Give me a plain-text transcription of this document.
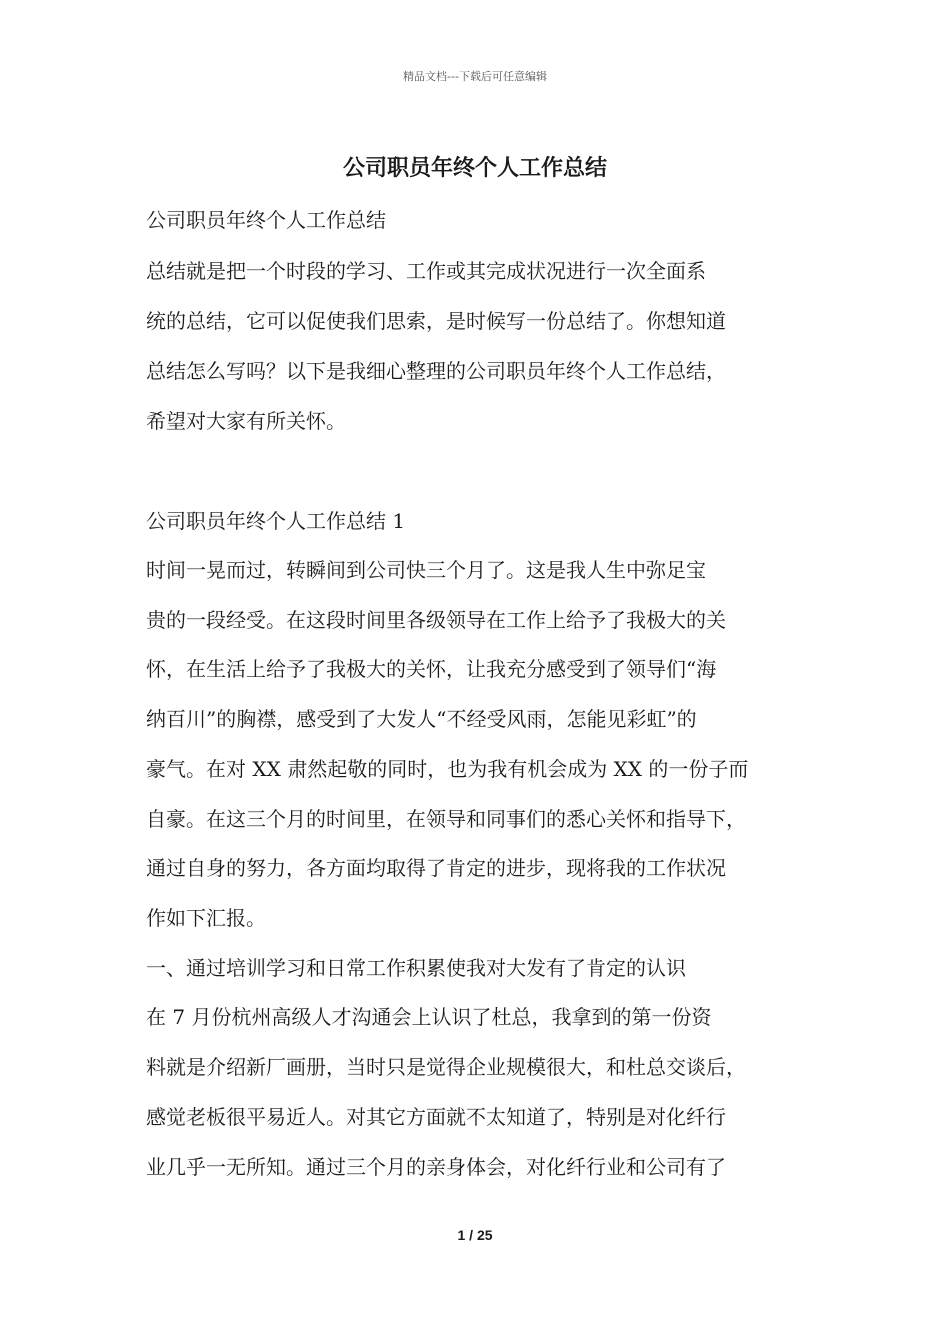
精品文档---下载后可任意编辑
公司职员年终个人工作总结

公司职员年终个人工作总结

总结就是把一个时段的学习、工作或其完成状况进行一次全面系

统的总结，它可以促使我们思索，是时候写一份总结了。你想知道

总结怎么写吗？以下是我细心整理的公司职员年终个人工作总结，

希望对大家有所关怀。

公司职员年终个人工作总结 1

时间一晃而过，转瞬间到公司快三个月了。这是我人生中弥足宝

贵的一段经受。在这段时间里各级领导在工作上给予了我极大的关

怀，在生活上给予了我极大的关怀，让我充分感受到了领导们“海

纳百川”的胸襟，感受到了大发人“不经受风雨，怎能见彩虹”的

豪气。在对 XX 肃然起敬的同时，也为我有机会成为 XX 的一份子而

自豪。在这三个月的时间里，在领导和同事们的悉心关怀和指导下，

通过自身的努力，各方面均取得了肯定的进步，现将我的工作状况

作如下汇报。

一、通过培训学习和日常工作积累使我对大发有了肯定的认识

在 7 月份杭州高级人才沟通会上认识了杜总，我拿到的第一份资

料就是介绍新厂画册，当时只是觉得企业规模很大，和杜总交谈后，

感觉老板很平易近人。对其它方面就不太知道了，特别是对化纤行

业几乎一无所知。通过三个月的亲身体会，对化纤行业和公司有了

1 / 25
